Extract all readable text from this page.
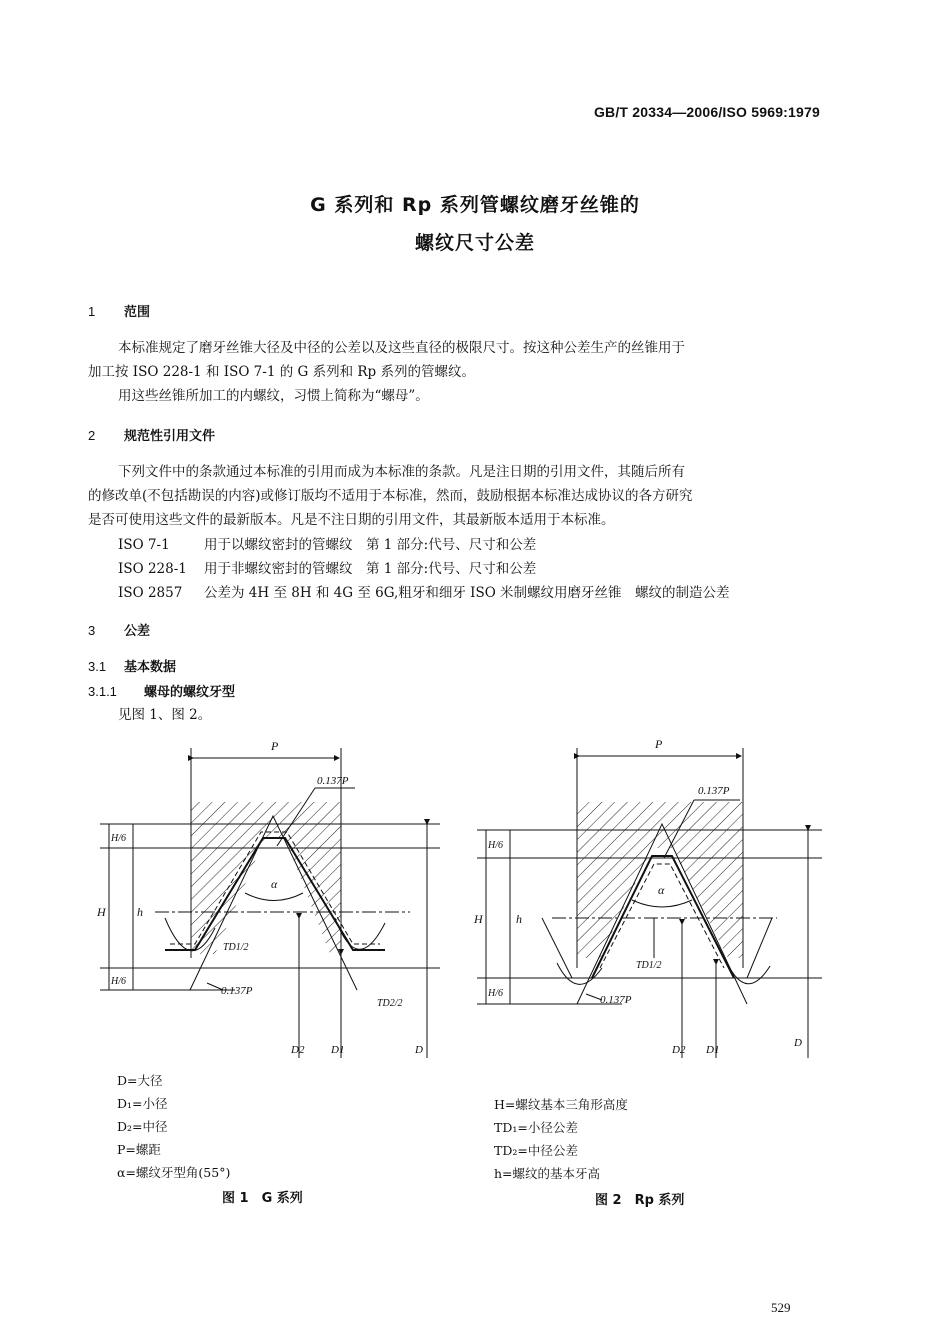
GB/T 20334—2006/ISO 5969:1979
G 系列和 Rp 系列管螺纹磨牙丝锥的
螺纹尺寸公差
1 范围
本标准规定了磨牙丝锥大径及中径的公差以及这些直径的极限尺寸。按这种公差生产的丝锥用于
加工按 ISO 228-1 和 ISO 7-1 的 G 系列和 Rp 系列的管螺纹。
用这些丝锥所加工的内螺纹，习惯上简称为“螺母”。
2 规范性引用文件
下列文件中的条款通过本标准的引用而成为本标准的条款。凡是注日期的引用文件，其随后所有
的修改单(不包括勘误的内容)或修订版均不适用于本标准，然而，鼓励根据本标准达成协议的各方研究
是否可使用这些文件的最新版本。凡是不注日期的引用文件，其最新版本适用于本标准。
ISO 7-1	用于以螺纹密封的管螺纹　第 1 部分:代号、尺寸和公差
ISO 228-1 用于非螺纹密封的管螺纹　第 1 部分:代号、尺寸和公差
ISO 2857 公差为 4H 至 8H 和 4G 至 6G,粗牙和细牙 ISO 米制螺纹用磨牙丝锥　螺纹的制造公差
3 公差
3.1 基本数据
3.1.1 螺母的螺纹牙型
见图 1、图 2。
P
α
0.137P
0.137P
H
H/6
h
H/6
TD1/2
TD2/2
D2 D1	D
D=大径
D₁=小径
D₂=中径
P=螺距
α=螺纹牙型角(55°)
图 1　G 系列
P
α
0.137P
0.137P
H
H/6
h
H/6
TD1/2
D2 D1
D
H=螺纹基本三角形高度
TD₁=小径公差
TD₂=中径公差
h=螺纹的基本牙高
图 2　Rp 系列
529
